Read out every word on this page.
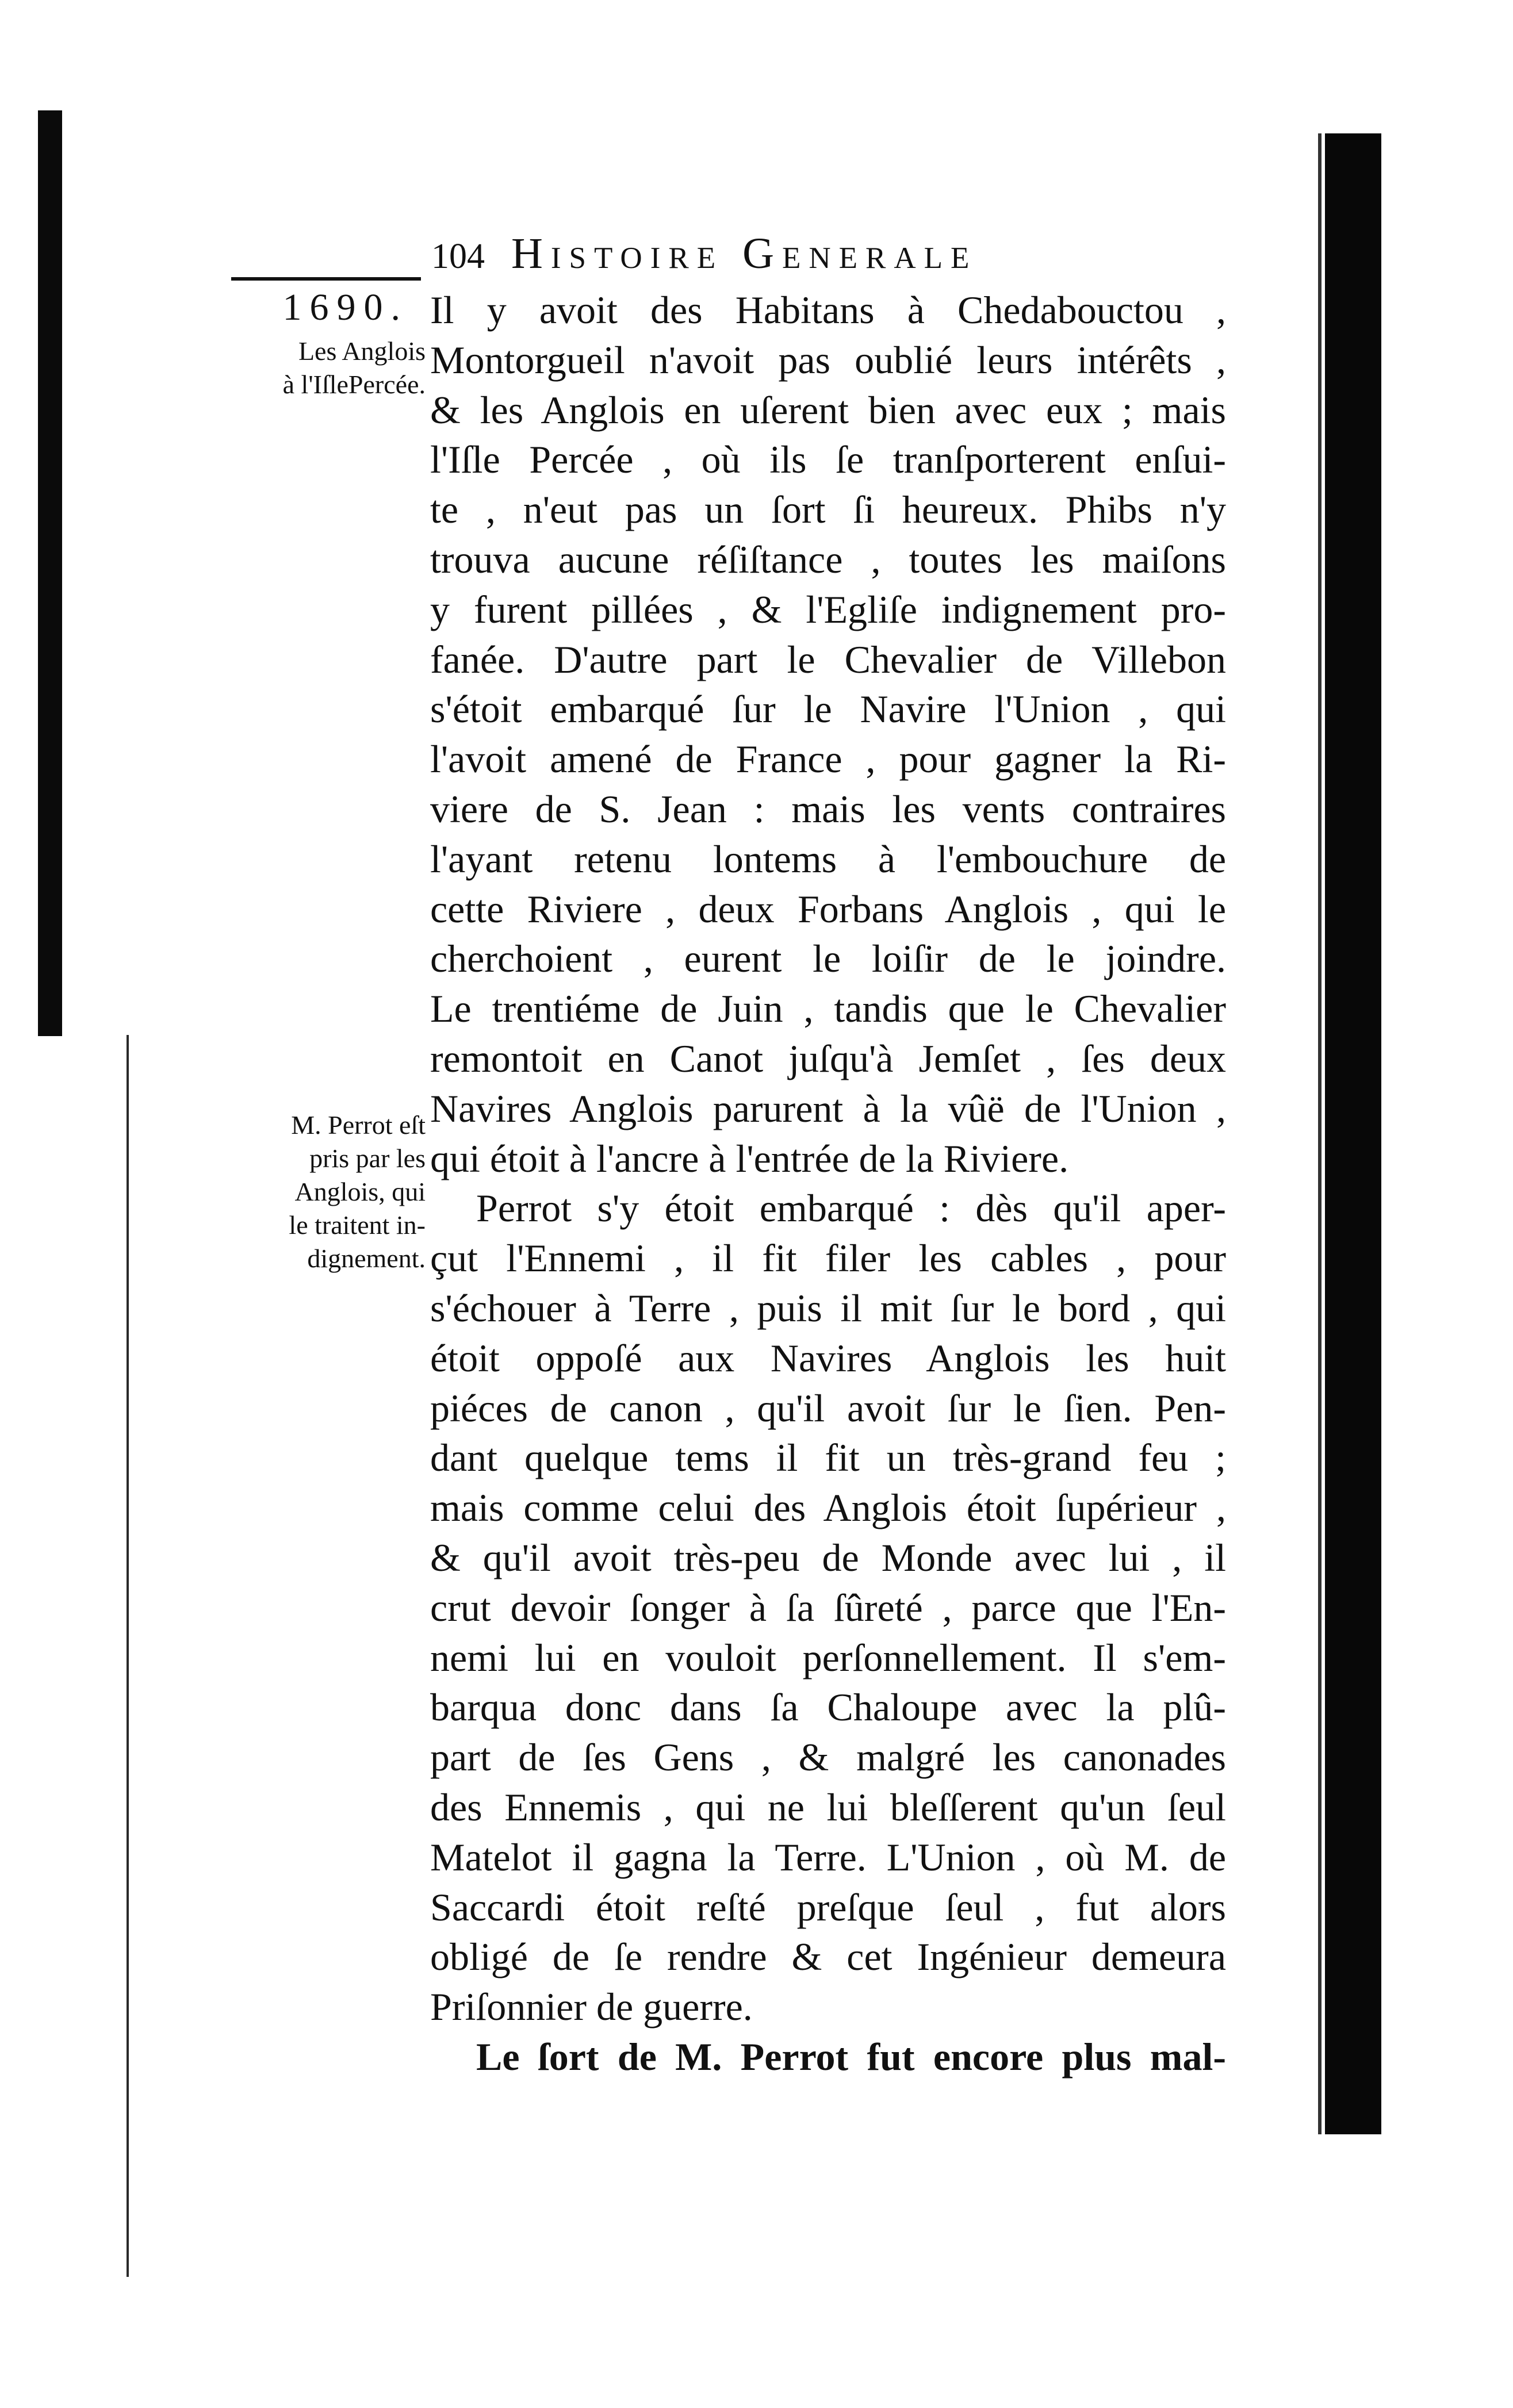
104 Histoire Generale
1690.
Les Anglois
à l'IſlePercée.
M. Perrot eſt
pris par les
Anglois, qui
le traitent in-
dignement.
Il y avoit des Habitans à Chedabouctou ,
Montorgueil n'avoit pas oublié leurs intérêts ,
& les Anglois en uſerent bien avec eux ; mais
l'Iſle Percée , où ils ſe tranſporterent enſui-
te , n'eut pas un ſort ſi heureux. Phibs n'y
trouva aucune réſiſtance , toutes les maiſons
y furent pillées , & l'Egliſe indignement pro-
fanée. D'autre part le Chevalier de Villebon
s'étoit embarqué ſur le Navire l'Union , qui
l'avoit amené de France , pour gagner la Ri-
viere de S. Jean : mais les vents contraires
l'ayant retenu lontems à l'embouchure de
cette Riviere , deux Forbans Anglois , qui le
cherchoient , eurent le loiſir de le joindre.
Le trentiéme de Juin , tandis que le Chevalier
remontoit en Canot juſqu'à Jemſet , ſes deux
Navires Anglois parurent à la vûë de l'Union ,
qui étoit à l'ancre à l'entrée de la Riviere.
Perrot s'y étoit embarqué : dès qu'il aper-
çut l'Ennemi , il fit filer les cables , pour
s'échouer à Terre , puis il mit ſur le bord , qui
étoit oppoſé aux Navires Anglois les huit
piéces de canon , qu'il avoit ſur le ſien. Pen-
dant quelque tems il fit un très-grand feu ;
mais comme celui des Anglois étoit ſupérieur ,
& qu'il avoit très-peu de Monde avec lui , il
crut devoir ſonger à ſa ſûreté , parce que l'En-
nemi lui en vouloit perſonnellement. Il s'em-
barqua donc dans ſa Chaloupe avec la plû-
part de ſes Gens , & malgré les canonades
des Ennemis , qui ne lui bleſſerent qu'un ſeul
Matelot il gagna la Terre. L'Union , où M. de
Saccardi étoit reſté preſque ſeul , fut alors
obligé de ſe rendre & cet Ingénieur demeura
Priſonnier de guerre.
Le ſort de M. Perrot fut encore plus mal-
